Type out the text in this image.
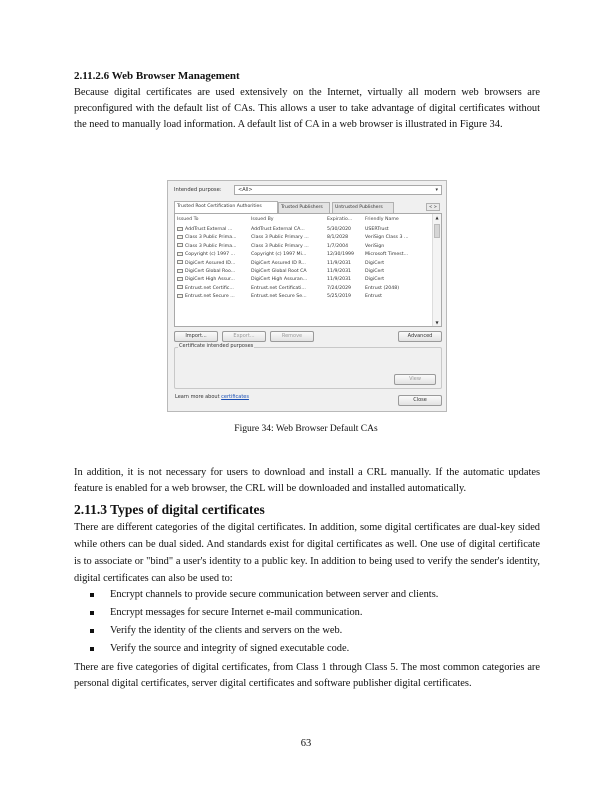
2.11.2.6 Web Browser Management

Because digital certificates are used extensively on the Internet, virtually all modern web browsers are preconfigured with the default list of CAs. This allows a user to take advantage of digital certificates without the need to manually load information. A default list of CA in a web browser is illustrated in Figure 34.

Intended purpose:	<All>	▾
Trusted Root Certification Authorities	Trusted Publishers	Untrusted Publishers	< >
Issued To	Issued By	Expiratio...	Friendly Name
AddTrust External ...	AddTrust External CA...	5/30/2020	USERTrust
Class 3 Public Prima...	Class 3 Public Primary ...	8/1/2028	VeriSign Class 3 ...
Class 3 Public Prima...	Class 3 Public Primary ...	1/7/2004	VeriSign
Copyright (c) 1997 ...	Copyright (c) 1997 Mi...	12/30/1999	Microsoft Timest...
DigiCert Assured ID...	DigiCert Assured ID R...	11/9/2031	DigiCert
DigiCert Global Roo...	DigiCert Global Root CA	11/9/2031	DigiCert
DigiCert High Assur...	DigiCert High Assuran...	11/9/2031	DigiCert
Entrust.net Certific...	Entrust.net Certificati...	7/24/2029	Entrust (2048)
Entrust.net Secure ...	Entrust.net Secure Se...	5/25/2019	Entrust
▲
▼
Import...	Export...	Remove	Advanced
Certificate intended purposes
View
Learn more about certificates	Close
Figure 34: Web Browser Default CAs

In addition, it is not necessary for users to download and install a CRL manually. If the automatic updates feature is enabled for a web browser, the CRL will be downloaded and installed automatically.

2.11.3 Types of digital certificates

There are different categories of the digital certificates. In addition, some digital certificates are dual-key sided while others can be dual sided. And standards exist for digital certificates as well. One use of digital certificate is to associate or "bind" a user's identity to a public key. In addition to being used to verify the sender's identity, digital certificates can also be used to:

Encrypt channels to provide secure communication between server and clients.
Encrypt messages for secure Internet e-mail communication.
Verify the identity of the clients and servers on the web.
Verify the source and integrity of signed executable code.

There are five categories of digital certificates, from Class 1 through Class 5. The most common categories are personal digital certificates, server digital certificates and software publisher digital certificates.

63
